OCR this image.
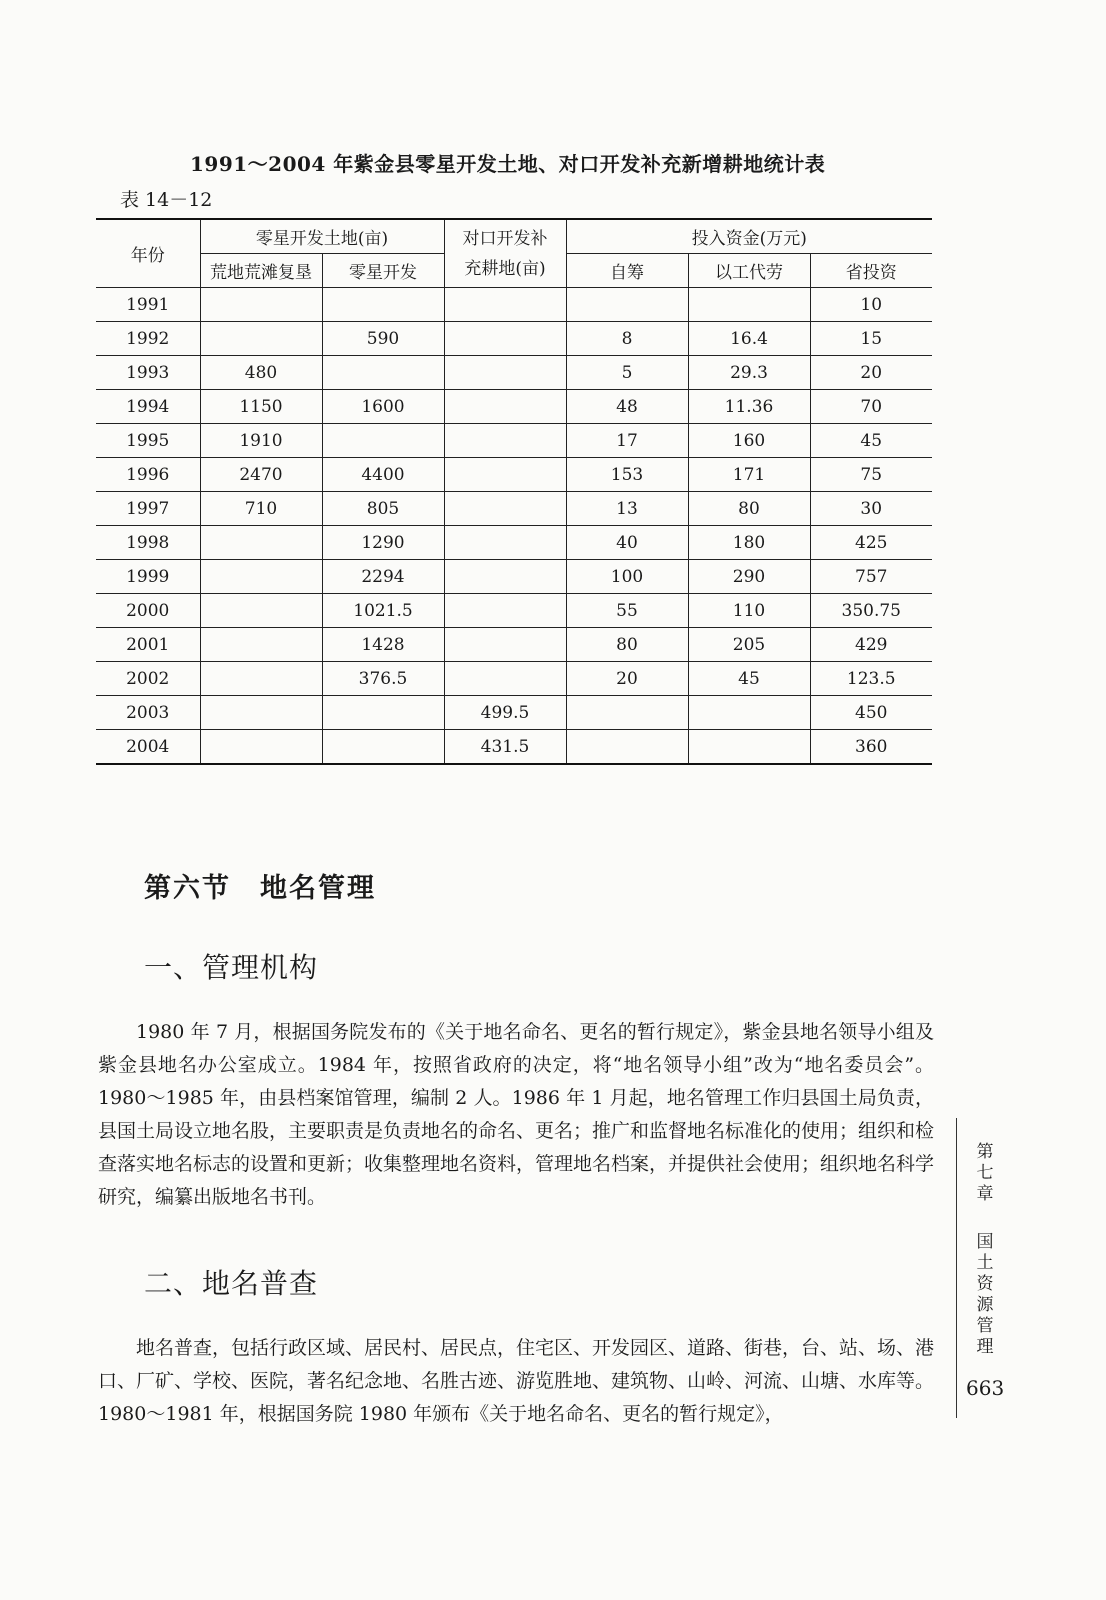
1991～2004 年紫金县零星开发土地、对口开发补充新增耕地统计表
表 14－12
年份	零星开发土地(亩)		对口开发补充耕地(亩)	投入资金(万元)		
	荒地荒滩复垦	零星开发		自筹	以工代劳	省投资
1991						10
1992		590		8	16.4	15
1993	480			5	29.3	20
1994	1150	1600		48	11.36	70
1995	1910			17	160	45
1996	2470	4400		153	171	75
1997	710	805		13	80	30
1998		1290		40	180	425
1999		2294		100	290	757
2000		1021.5		55	110	350.75
2001		1428		80	205	429
2002		376.5		20	45	123.5
2003			499.5			450
2004			431.5			360
第六节　地名管理
一、管理机构
1980 年 7 月，根据国务院发布的《关于地名命名、更名的暂行规定》，紫金县地名领导小组及紫金县地名办公室成立。1984 年，按照省政府的决定，将“地名领导小组”改为“地名委员会”。1980～1985 年，由县档案馆管理，编制 2 人。1986 年 1 月起，地名管理工作归县国土局负责，县国土局设立地名股，主要职责是负责地名的命名、更名；推广和监督地名标准化的使用；组织和检查落实地名标志的设置和更新；收集整理地名资料，管理地名档案，并提供社会使用；组织地名科学研究，编纂出版地名书刊。
二、地名普查
地名普查，包括行政区域、居民村、居民点，住宅区、开发园区、道路、街巷，台、站、场、港口、厂矿、学校、医院，著名纪念地、名胜古迹、游览胜地、建筑物、山岭、河流、山塘、水库等。1980～1981 年，根据国务院 1980 年颁布《关于地名命名、更名的暂行规定》，
第七章
国土资源管理
663
